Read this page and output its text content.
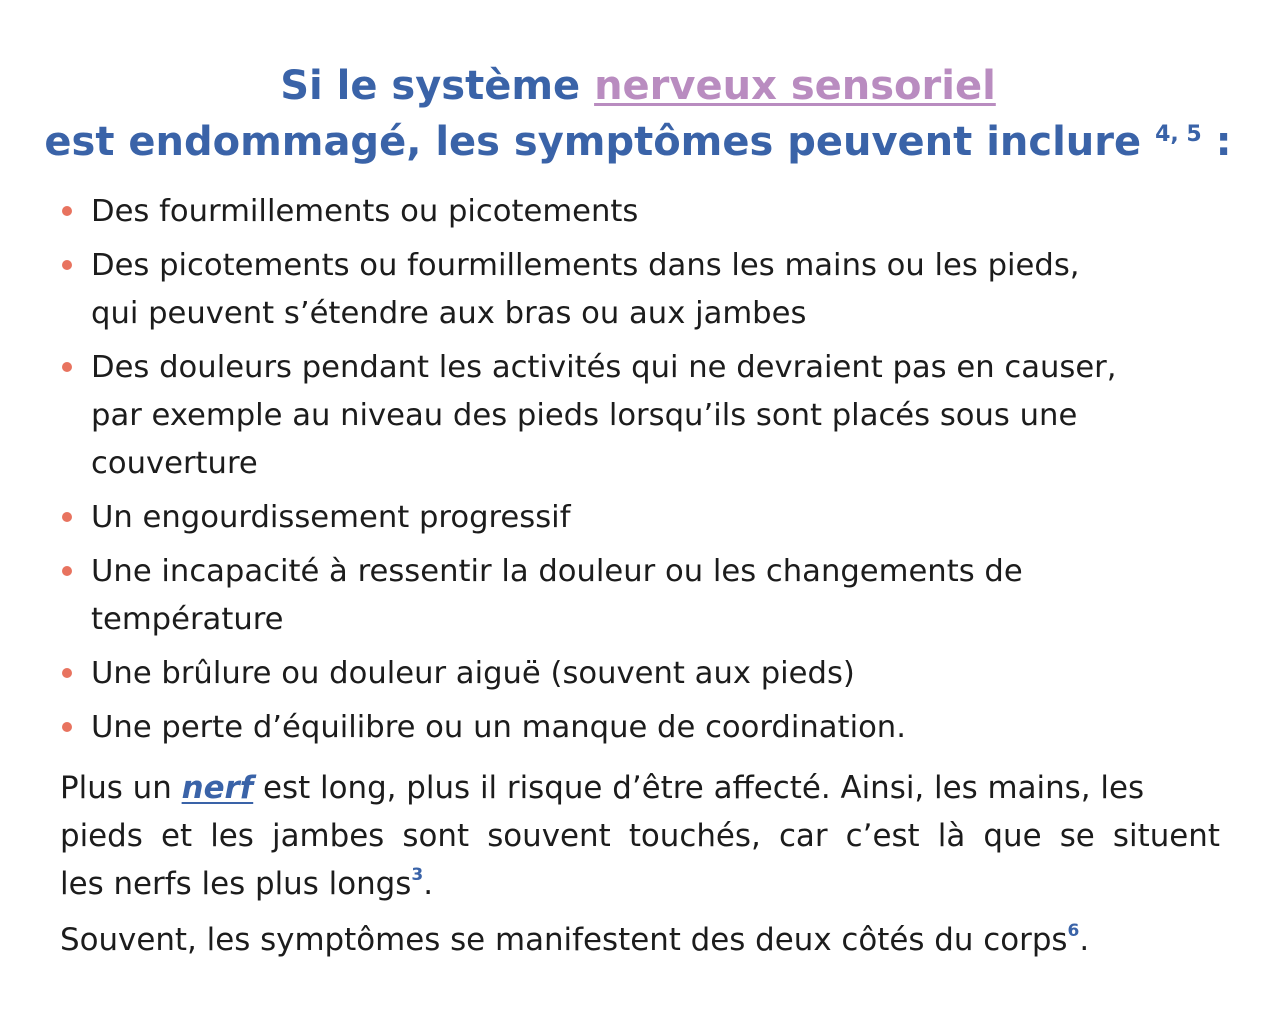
Si le système nerveux sensoriel
est endommagé, les symptômes peuvent inclure $^{4, 5}$ :
Des fourmillements ou picotements
Des picotements ou fourmillements dans les mains ou les pieds,
qui peuvent s’étendre aux bras ou aux jambes
Des douleurs pendant les activités qui ne devraient pas en causer,
par exemple au niveau des pieds lorsqu’ils sont placés sous une
couverture
Un engourdissement progressif
Une incapacité à ressentir la douleur ou les changements de
température
Une brûlure ou douleur aiguë (souvent aux pieds)
Une perte d’équilibre ou un manque de coordination.

Plus un nerf est long, plus il risque d’être affecté. Ainsi, les mains, les
pieds et les jambes sont souvent touchés, car c’est là que se situent
les nerfs les plus longs$^3$.

Souvent, les symptômes se manifestent des deux côtés du corps$^6$.
